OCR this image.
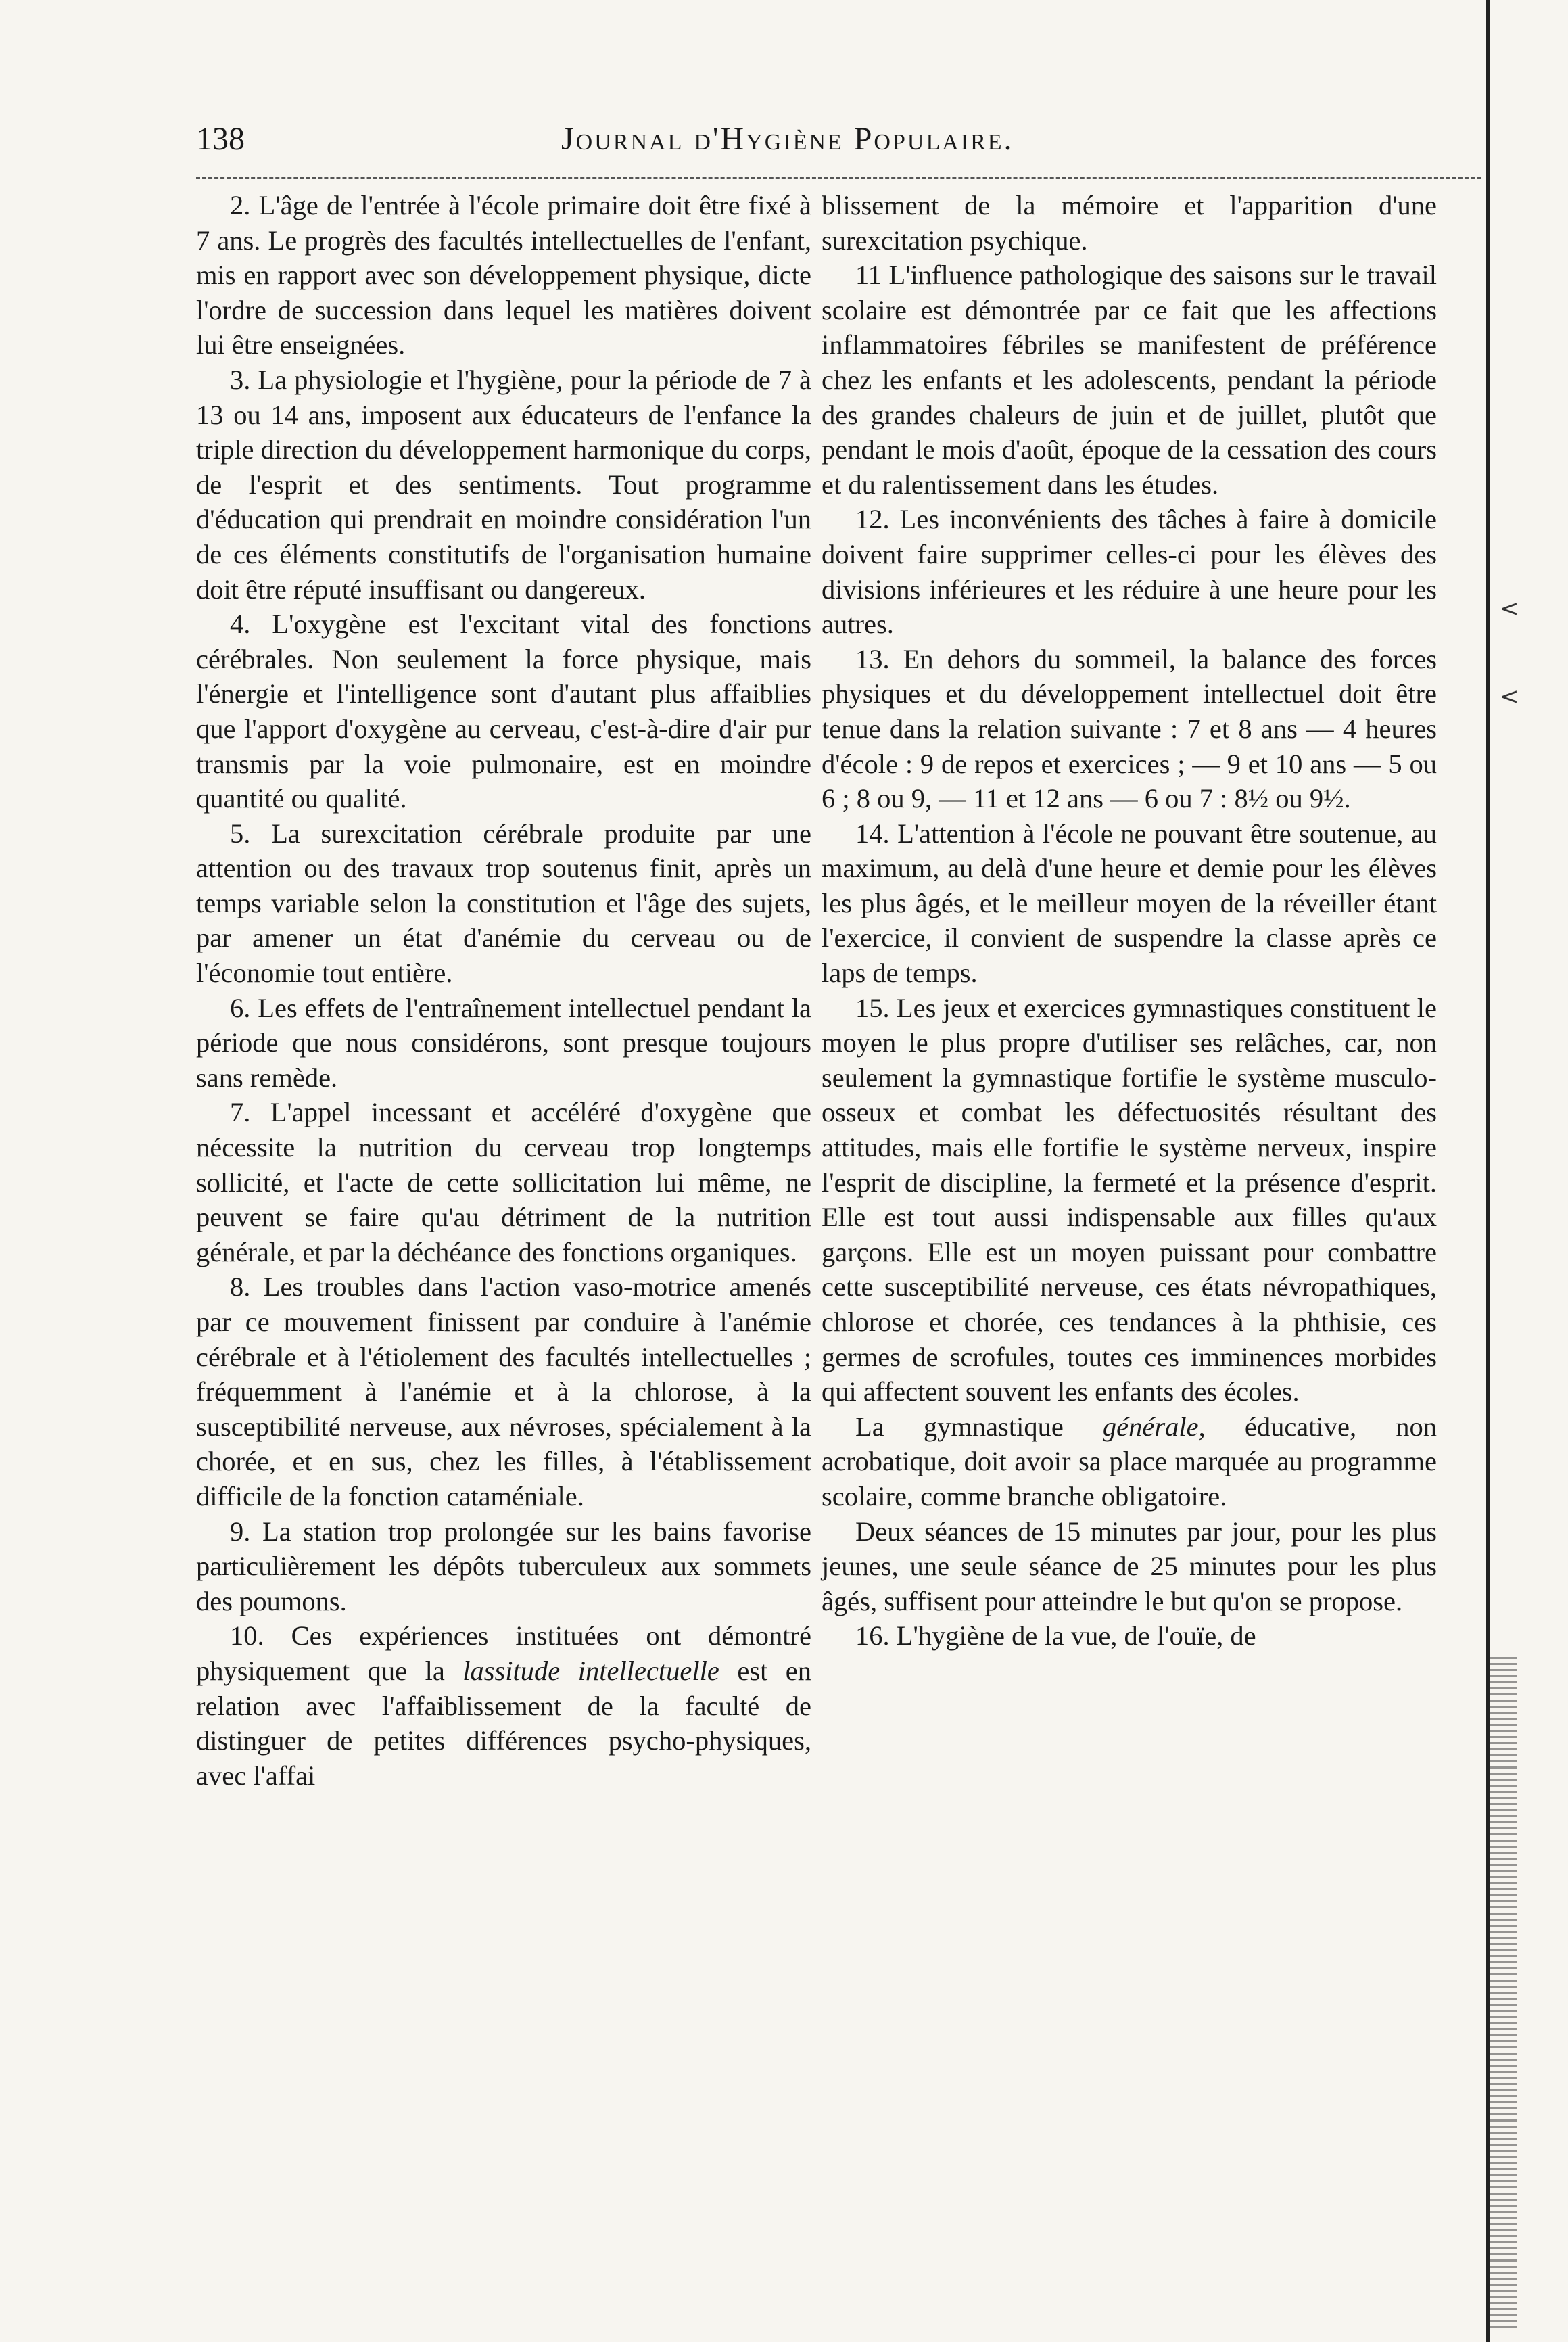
138	Journal d'Hygiène Populaire.

2. L'âge de l'entrée à l'école primaire doit être fixé à 7 ans. Le progrès des facultés intellectuelles de l'enfant, mis en rapport avec son développement physique, dicte l'ordre de succession dans lequel les matières doivent lui être enseignées.

3. La physiologie et l'hygiène, pour la période de 7 à 13 ou 14 ans, imposent aux éducateurs de l'enfance la triple direction du développement harmonique du corps, de l'esprit et des sentiments. Tout programme d'éducation qui prendrait en moindre considération l'un de ces éléments constitutifs de l'organisation humaine doit être réputé insuffisant ou dangereux.

4. L'oxygène est l'excitant vital des fonctions cérébrales. Non seulement la force physique, mais l'énergie et l'intelligence sont d'autant plus affaiblies que l'apport d'oxygène au cerveau, c'est-à-dire d'air pur transmis par la voie pulmonaire, est en moindre quantité ou qualité.

5. La surexcitation cérébrale produite par une attention ou des travaux trop soutenus finit, après un temps variable selon la constitution et l'âge des sujets, par amener un état d'anémie du cerveau ou de l'économie tout entière.

6. Les effets de l'entraînement intellectuel pendant la période que nous considérons, sont presque toujours sans remède.

7. L'appel incessant et accéléré d'oxygène que nécessite la nutrition du cerveau trop longtemps sollicité, et l'acte de cette sollicitation lui même, ne peuvent se faire qu'au détriment de la nutrition générale, et par la déchéance des fonctions organiques.

8. Les troubles dans l'action vaso-motrice amenés par ce mouvement finissent par conduire à l'anémie cérébrale et à l'étiolement des facultés intellectuelles ; fréquemment à l'anémie et à la chlorose, à la susceptibilité nerveuse, aux névroses, spécialement à la chorée, et en sus, chez les filles, à l'établissement difficile de la fonction cataméniale.

9. La station trop prolongée sur les bains favorise particulièrement les dépôts tuberculeux aux sommets des poumons.

10. Ces expériences instituées ont démontré physiquement que la lassitude intellectuelle est en relation avec l'affaiblissement de la faculté de distinguer de petites différences psycho-physiques, avec l'affai

blissement de la mémoire et l'apparition d'une surexcitation psychique.

11 L'influence pathologique des saisons sur le travail scolaire est démontrée par ce fait que les affections inflammatoires fébriles se manifestent de préférence chez les enfants et les adolescents, pendant la période des grandes chaleurs de juin et de juillet, plutôt que pendant le mois d'août, époque de la cessation des cours et du ralentissement dans les études.

12. Les inconvénients des tâches à faire à domicile doivent faire supprimer celles-ci pour les élèves des divisions inférieures et les réduire à une heure pour les autres.

13. En dehors du sommeil, la balance des forces physiques et du développement intellectuel doit être tenue dans la relation suivante : 7 et 8 ans — 4 heures d'école : 9 de repos et exercices ; — 9 et 10 ans — 5 ou 6 ; 8 ou 9, — 11 et 12 ans — 6 ou 7 : 8½ ou 9½.

14. L'attention à l'école ne pouvant être soutenue, au maximum, au delà d'une heure et demie pour les élèves les plus âgés, et le meilleur moyen de la réveiller étant l'exercice, il convient de suspendre la classe après ce laps de temps.

15. Les jeux et exercices gymnastiques constituent le moyen le plus propre d'utiliser ses relâches, car, non seulement la gymnastique fortifie le système musculo-osseux et combat les défectuosités résultant des attitudes, mais elle fortifie le système nerveux, inspire l'esprit de discipline, la fermeté et la présence d'esprit. Elle est tout aussi indispensable aux filles qu'aux garçons. Elle est un moyen puissant pour combattre cette susceptibilité nerveuse, ces états névropathiques, chlorose et chorée, ces tendances à la phthisie, ces germes de scrofules, toutes ces imminences morbides qui affectent souvent les enfants des écoles.

La gymnastique générale, éducative, non acrobatique, doit avoir sa place marquée au programme scolaire, comme branche obligatoire.

Deux séances de 15 minutes par jour, pour les plus jeunes, une seule séance de 25 minutes pour les plus âgés, suffisent pour atteindre le but qu'on se propose.

16. L'hygiène de la vue, de l'ouïe, de

<
<
